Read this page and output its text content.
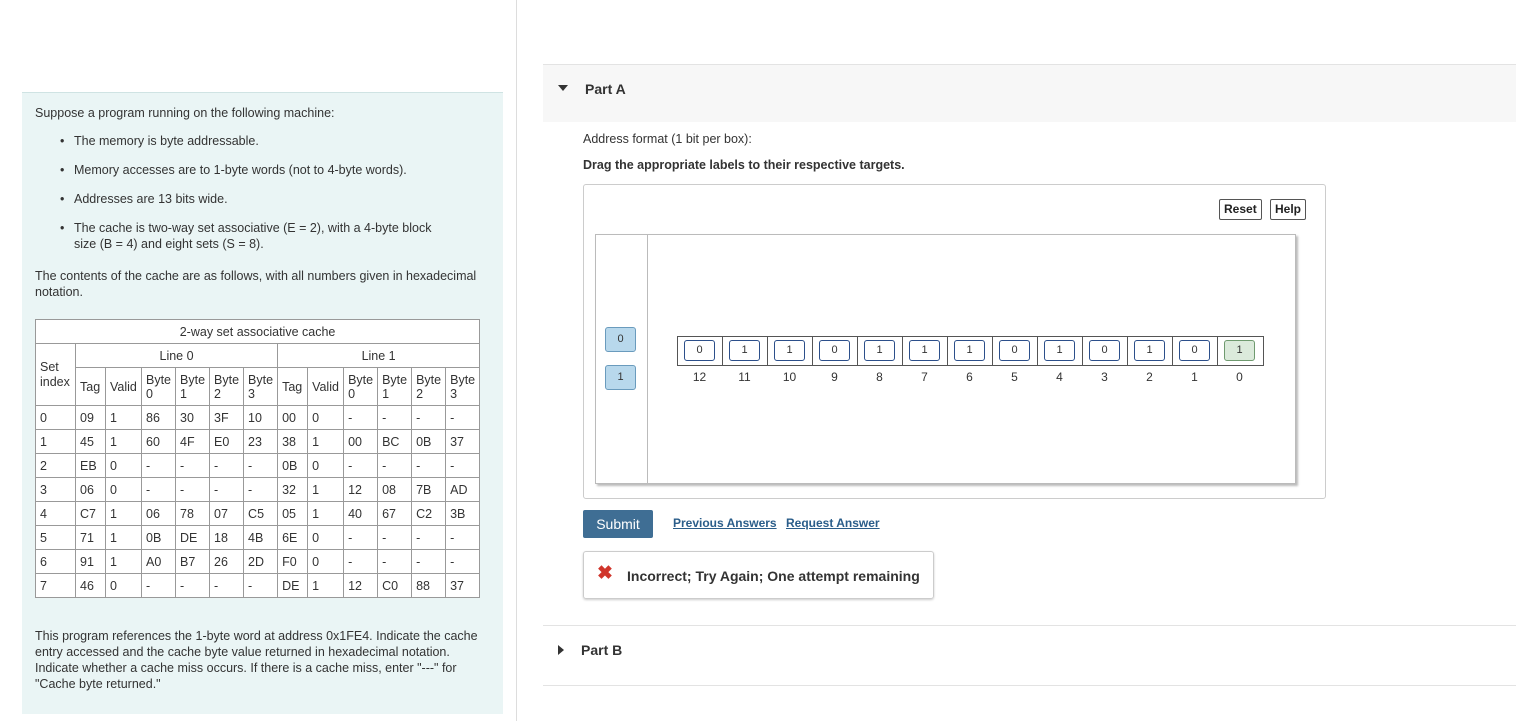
Suppose a program running on the following machine:

• The memory is byte addressable.
• Memory accesses are to 1-byte words (not to 4-byte words).
• Addresses are 13 bits wide.
• The cache is two-way set associative (E = 2), with a 4-byte block size (B = 4) and eight sets (S = 8).

The contents of the cache are as follows, with all numbers given in hexadecimal notation.

2-way set associative cache												
Set index	Line 0						Line 1					
	Tag	Valid	Byte 0	Byte 1	Byte 2	Byte 3	Tag	Valid	Byte 0	Byte 1	Byte 2	Byte 3
0	09	1	86	30	3F	10	00	0	-	-	-	-
1	45	1	60	4F	E0	23	38	1	00	BC	0B	37
2	EB	0	-	-	-	-	0B	0	-	-	-	-
3	06	0	-	-	-	-	32	1	12	08	7B	AD
4	C7	1	06	78	07	C5	05	1	40	67	C2	3B
5	71	1	0B	DE	18	4B	6E	0	-	-	-	-
6	91	1	A0	B7	26	2D	F0	0	-	-	-	-
7	46	0	-	-	-	-	DE	1	12	C0	88	37

This program references the 1-byte word at address 0x1FE4. Indicate the cache entry accessed and the cache byte value returned in hexadecimal notation. Indicate whether a cache miss occurs. If there is a cache miss, enter "---" for "Cache byte returned."

Part A
Address format (1 bit per box):
Drag the appropriate labels to their respective targets.
Reset	Help
0
1
0	1	1	0	1	1	1	0	1	0	1	0	1
12	11	10	9	8	7	6	5	4	3	2	1	0
Submit	Previous Answers Request Answer
✖ Incorrect; Try Again; One attempt remaining
Part B
